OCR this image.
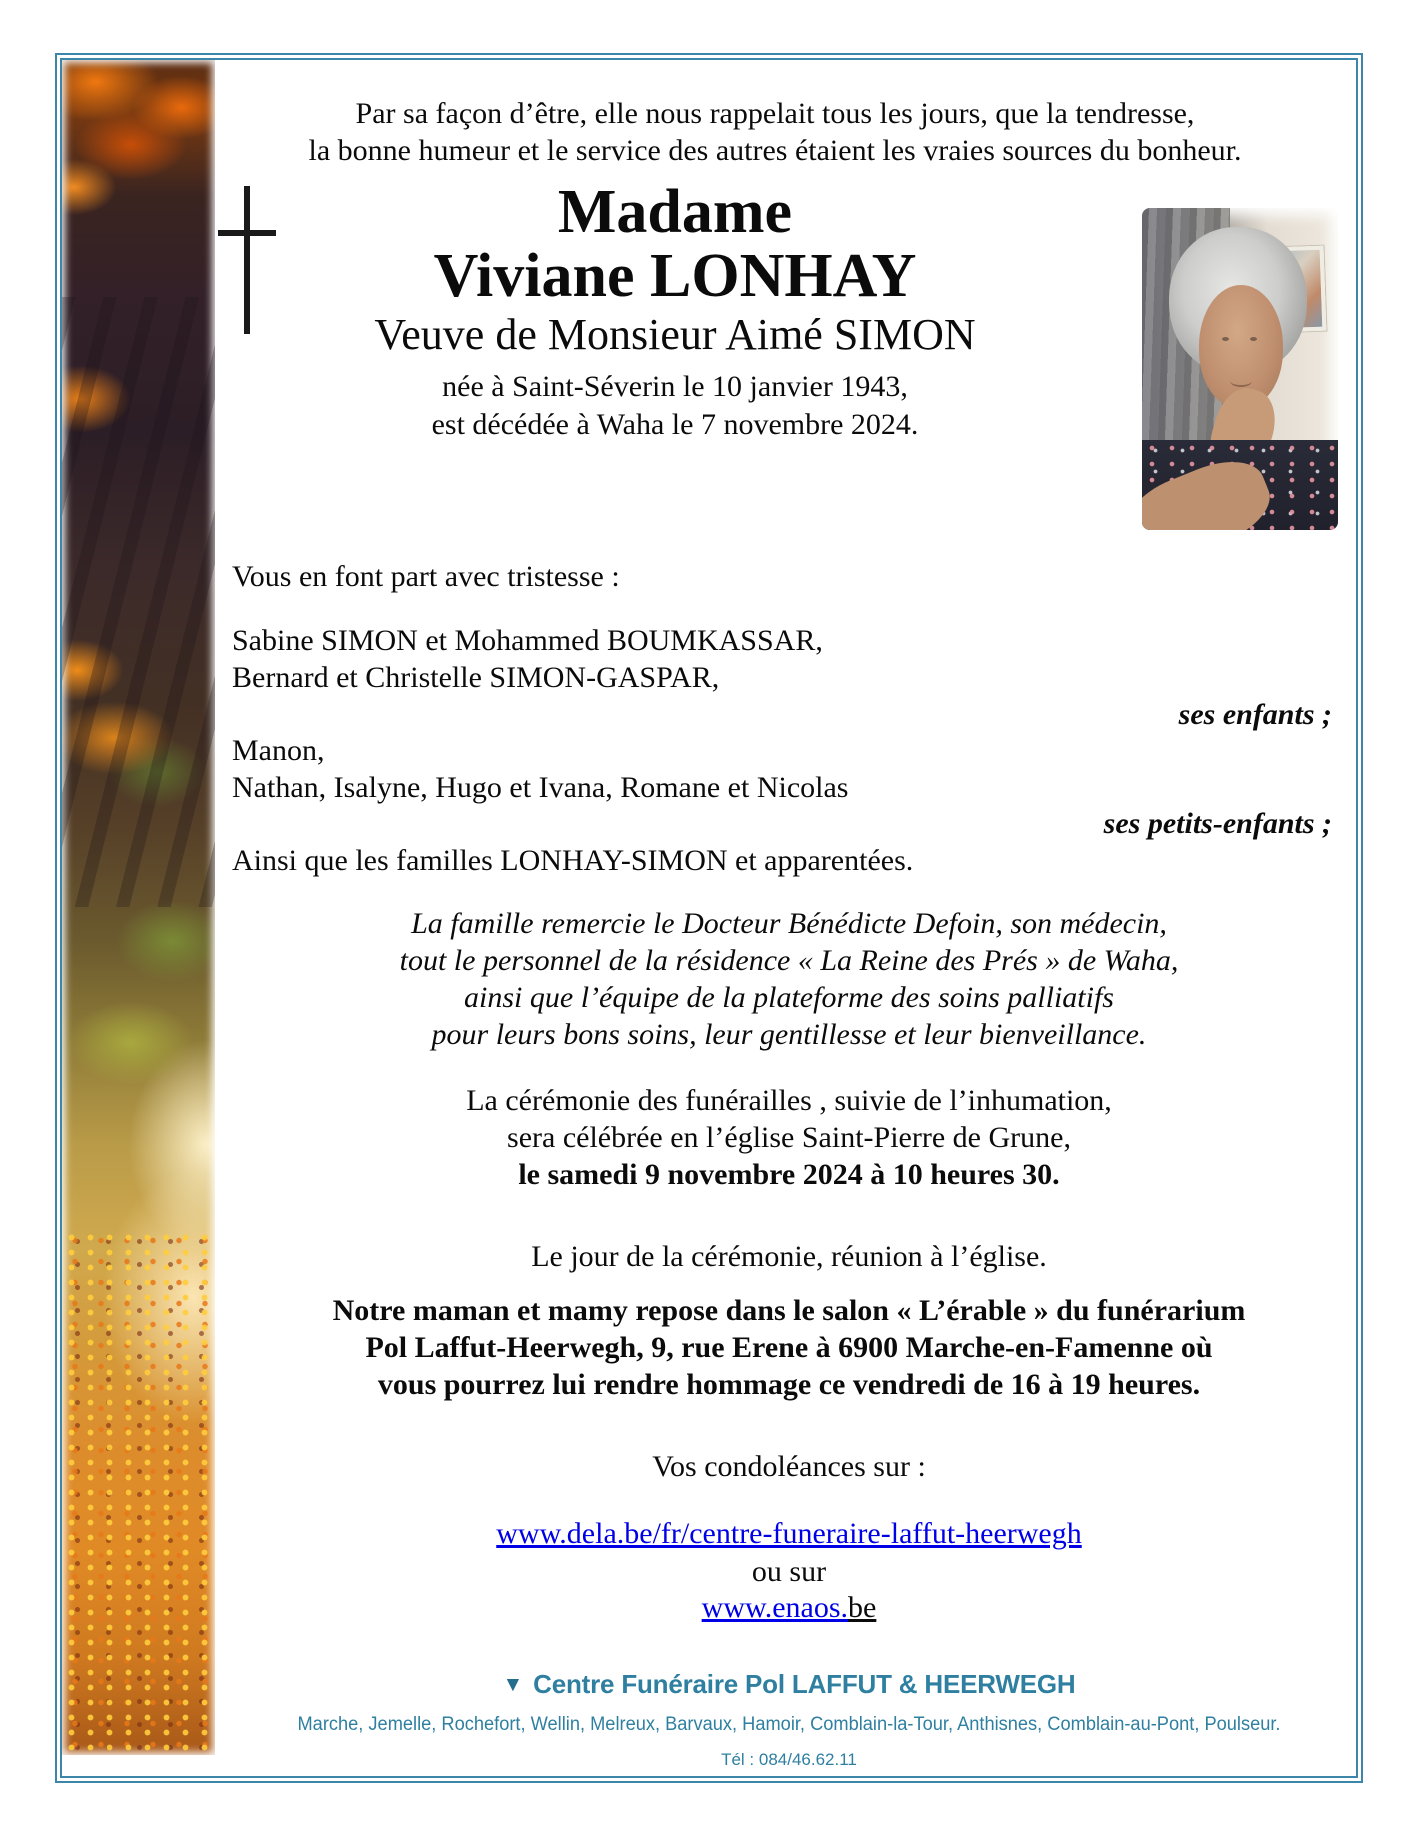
Par sa façon d’être, elle nous rappelait tous les jours, que la tendresse,
la bonne humeur et le service des autres étaient les vraies sources du bonheur.
Madame
Viviane LONHAY
Veuve de Monsieur Aimé SIMON
née à Saint-Séverin le 10 janvier 1943,
est décédée à Waha le 7 novembre 2024.
Vous en font part avec tristesse :
Sabine SIMON et Mohammed BOUMKASSAR,
Bernard et Christelle SIMON-GASPAR,
ses enfants ;
Manon,
Nathan, Isalyne, Hugo et Ivana, Romane et Nicolas
ses petits-enfants ;
Ainsi que les familles LONHAY-SIMON et apparentées.
La famille remercie le Docteur Bénédicte Defoin, son médecin,
tout le personnel de la résidence « La Reine des Prés » de Waha,
ainsi que l’équipe de la plateforme des soins palliatifs
pour leurs bons soins, leur gentillesse et leur bienveillance.
La cérémonie des funérailles , suivie de l’inhumation,
sera célébrée en l’église Saint-Pierre de Grune,
le samedi 9 novembre 2024 à 10 heures 30.
Le jour de la cérémonie, réunion à l’église.
Notre maman et mamy repose dans le salon « L’érable » du funérarium
Pol Laffut-Heerwegh, 9, rue Erene à 6900 Marche-en-Famenne où
vous pourrez lui rendre hommage ce vendredi de 16 à 19 heures.
Vos condoléances sur :
www.dela.be/fr/centre-funeraire-laffut-heerwegh
ou sur
www.enaos.be
▼ Centre Funéraire Pol LAFFUT & HEERWEGH
Marche, Jemelle, Rochefort, Wellin, Melreux, Barvaux, Hamoir, Comblain-la-Tour, Anthisnes, Comblain-au-Pont, Poulseur.
Tél : 084/46.62.11
